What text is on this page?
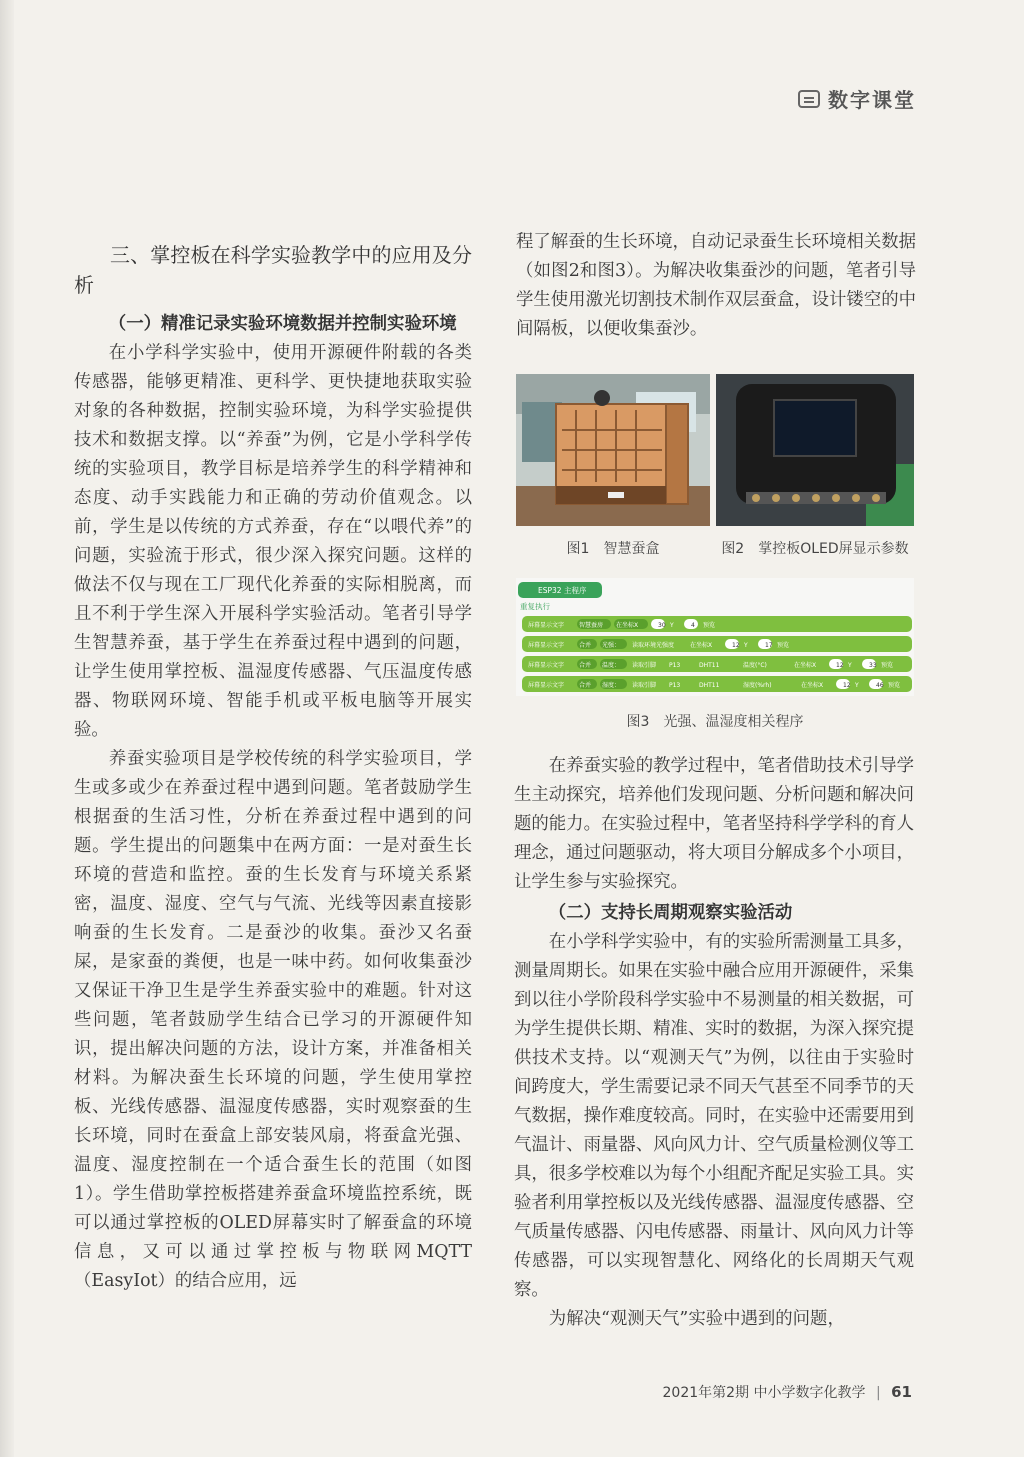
数字课堂
三、掌控板在科学实验教学中的应用及分析
（一）精准记录实验环境数据并控制实验环境

在小学科学实验中，使用开源硬件附载的各类传感器，能够更精准、更科学、更快捷地获取实验对象的各种数据，控制实验环境，为科学实验提供技术和数据支撑。以“养蚕”为例，它是小学科学传统的实验项目，教学目标是培养学生的科学精神和态度、动手实践能力和正确的劳动价值观念。以前，学生是以传统的方式养蚕，存在“以喂代养”的问题，实验流于形式，很少深入探究问题。这样的做法不仅与现在工厂现代化养蚕的实际相脱离，而且不利于学生深入开展科学实验活动。笔者引导学生智慧养蚕，基于学生在养蚕过程中遇到的问题，让学生使用掌控板、温湿度传感器、气压温度传感器、物联网环境、智能手机或平板电脑等开展实验。

养蚕实验项目是学校传统的科学实验项目，学生或多或少在养蚕过程中遇到问题。笔者鼓励学生根据蚕的生活习性，分析在养蚕过程中遇到的问题。学生提出的问题集中在两方面：一是对蚕生长环境的营造和监控。蚕的生长发育与环境关系紧密，温度、湿度、空气与气流、光线等因素直接影响蚕的生长发育。二是蚕沙的收集。蚕沙又名蚕屎，是家蚕的粪便，也是一味中药。如何收集蚕沙又保证干净卫生是学生养蚕实验中的难题。针对这些问题，笔者鼓励学生结合已学习的开源硬件知识，提出解决问题的方法，设计方案，并准备相关材料。为解决蚕生长环境的问题，学生使用掌控板、光线传感器、温湿度传感器，实时观察蚕的生长环境，同时在蚕盒上部安装风扇，将蚕盒光强、温度、湿度控制在一个适合蚕生长的范围（如图1）。学生借助掌控板搭建养蚕盒环境监控系统，既可以通过掌控板的OLED屏幕实时了解蚕盒的环境信息，又可以通过掌控板与物联网MQTT（EasyIot）的结合应用，远

程了解蚕的生长环境，自动记录蚕生长环境相关数据（如图2和图3）。为解决收集蚕沙的问题，笔者引导学生使用激光切割技术制作双层蚕盒，设计镂空的中间隔板，以便收集蚕沙。

图1　智慧蚕盒	图2　掌控板OLED屏显示参数
ESP32 主程序
重复执行
屏幕显示文字 智慧蚕房 在坐标X	30 Y	4 预览
屏幕显示文字 合并 光强： 读取环境光强度	在坐标X	12 Y	17 预览
屏幕显示文字 合并 温度： 读取引脚 P13	DHT11	温度(°C)	在坐标X	12 Y	33 预览
屏幕显示文字 合并 湿度： 读取引脚 P13	DHT11	湿度(%rh)	在坐标X	12 Y	46 预览
图3　光强、温湿度相关程序

在养蚕实验的教学过程中，笔者借助技术引导学生主动探究，培养他们发现问题、分析问题和解决问题的能力。在实验过程中，笔者坚持科学学科的育人理念，通过问题驱动，将大项目分解成多个小项目，让学生参与实验探究。

（二）支持长周期观察实验活动

在小学科学实验中，有的实验所需测量工具多，测量周期长。如果在实验中融合应用开源硬件，采集到以往小学阶段科学实验中不易测量的相关数据，可为学生提供长期、精准、实时的数据，为深入探究提供技术支持。以“观测天气”为例，以往由于实验时间跨度大，学生需要记录不同天气甚至不同季节的天气数据，操作难度较高。同时，在实验中还需要用到气温计、雨量器、风向风力计、空气质量检测仪等工具，很多学校难以为每个小组配齐配足实验工具。实验者利用掌控板以及光线传感器、温湿度传感器、空气质量传感器、闪电传感器、雨量计、风向风力计等传感器，可以实现智慧化、网络化的长周期天气观察。

为解决“观测天气”实验中遇到的问题，

2021年第2期 中小学数字化教学 | 61
